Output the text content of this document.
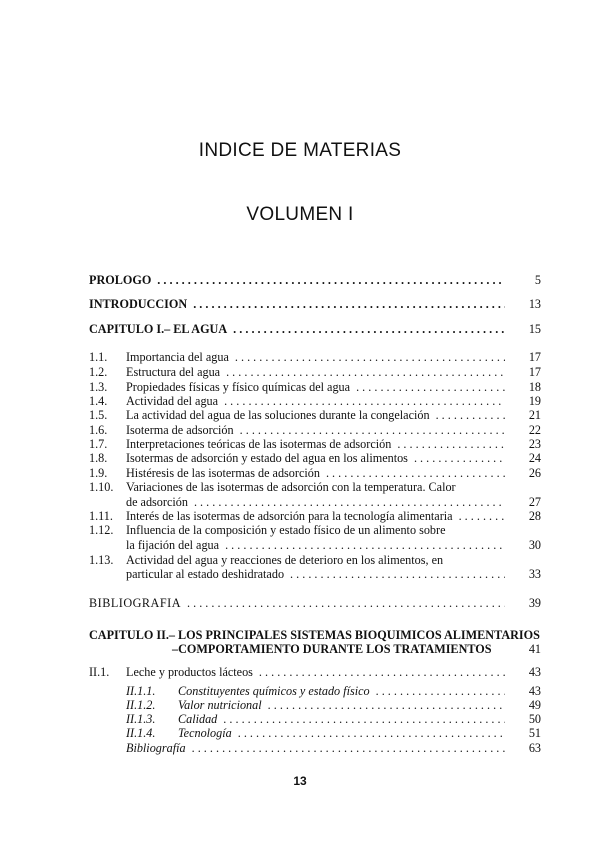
INDICE DE MATERIAS
VOLUMEN I
PROLOGO . . .	5
INTRODUCCION . . .	13
CAPITULO I.– EL AGUA . . .	15
1.1.	Importancia del agua . . .	17
1.2.	Estructura del agua . . .	17
1.3.	Propiedades físicas y físico químicas del agua . . .	18
1.4.	Actividad del agua . . .	19
1.5.	La actividad del agua de las soluciones durante la congelación . . .	21
1.6.	Isoterma de adsorción . . .	22
1.7.	Interpretaciones teóricas de las isotermas de adsorción . . .	23
1.8.	Isotermas de adsorción y estado del agua en los alimentos . . .	24
1.9.	Histéresis de las isotermas de adsorción . . .	26
1.10.	Variaciones de las isotermas de adsorción con la temperatura. Calor
de adsorción . . .	27
1.11.	Interés de las isotermas de adsorción para la tecnología alimentaria . . .	28
1.12.	Influencia de la composición y estado físico de un alimento sobre
la fijación del agua . . .	30
1.13.	Actividad del agua y reacciones de deterioro en los alimentos, en
particular al estado deshidratado . . .	33
BIBLIOGRAFIA . . .	39
CAPITULO II.– LOS PRINCIPALES SISTEMAS BIOQUIMICOS ALIMENTARIOS
–COMPORTAMIENTO DURANTE LOS TRATAMIENTOS	41
II.1.	Leche y productos lácteos . . .	43
II.1.1.	Constituyentes químicos y estado físico . . .	43
II.1.2.	Valor nutricional . . .	49
II.1.3.	Calidad . . .	50
II.1.4.	Tecnología . . .	51
Bibliografía . . .	63
13
